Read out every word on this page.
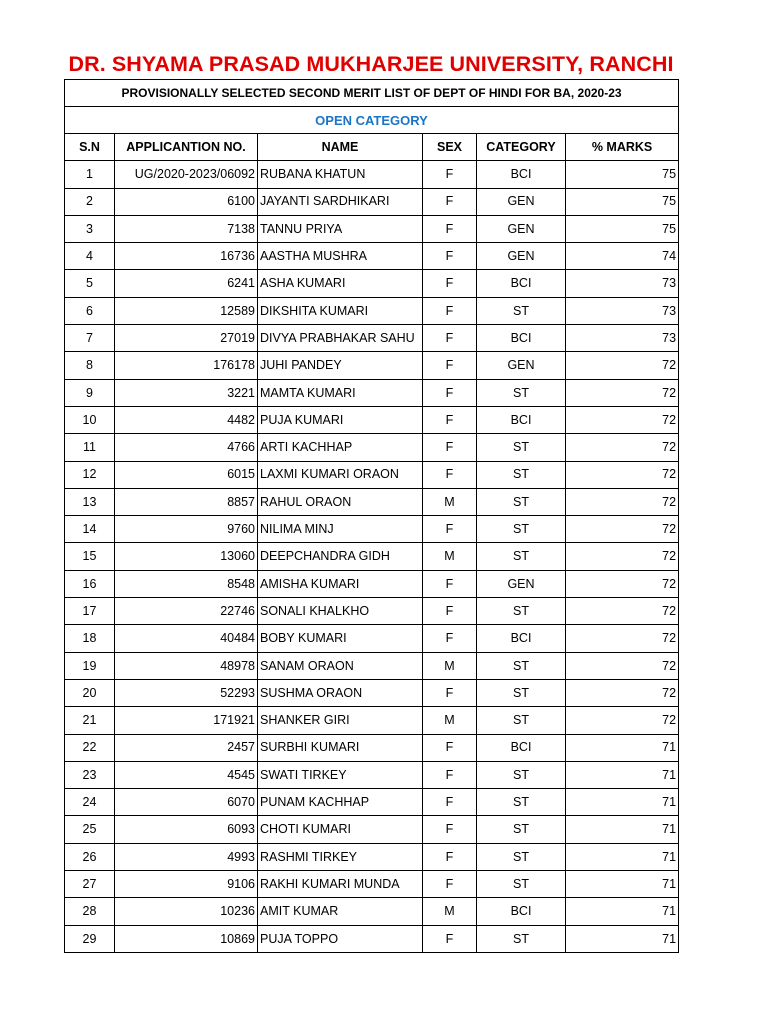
DR. SHYAMA PRASAD MUKHARJEE UNIVERSITY, RANCHI
PROVISIONALLY SELECTED SECOND MERIT LIST OF DEPT OF HINDI FOR BA, 2020-23					
OPEN CATEGORY					
S.N	APPLICANTION NO.	NAME	SEX	CATEGORY	% MARKS
1	UG/2020-2023/06092	RUBANA KHATUN	F	BCI	75
2	6100	JAYANTI SARDHIKARI	F	GEN	75
3	7138	TANNU PRIYA	F	GEN	75
4	16736	AASTHA MUSHRA	F	GEN	74
5	6241	ASHA KUMARI	F	BCI	73
6	12589	DIKSHITA KUMARI	F	ST	73
7	27019	DIVYA PRABHAKAR SAHU	F	BCI	73
8	176178	JUHI PANDEY	F	GEN	72
9	3221	MAMTA KUMARI	F	ST	72
10	4482	PUJA KUMARI	F	BCI	72
11	4766	ARTI KACHHAP	F	ST	72
12	6015	LAXMI KUMARI ORAON	F	ST	72
13	8857	RAHUL ORAON	M	ST	72
14	9760	NILIMA MINJ	F	ST	72
15	13060	DEEPCHANDRA GIDH	M	ST	72
16	8548	AMISHA KUMARI	F	GEN	72
17	22746	SONALI KHALKHO	F	ST	72
18	40484	BOBY KUMARI	F	BCI	72
19	48978	SANAM ORAON	M	ST	72
20	52293	SUSHMA ORAON	F	ST	72
21	171921	SHANKER GIRI	M	ST	72
22	2457	SURBHI KUMARI	F	BCI	71
23	4545	SWATI TIRKEY	F	ST	71
24	6070	PUNAM KACHHAP	F	ST	71
25	6093	CHOTI KUMARI	F	ST	71
26	4993	RASHMI TIRKEY	F	ST	71
27	9106	RAKHI KUMARI MUNDA	F	ST	71
28	10236	AMIT KUMAR	M	BCI	71
29	10869	PUJA TOPPO	F	ST	71
